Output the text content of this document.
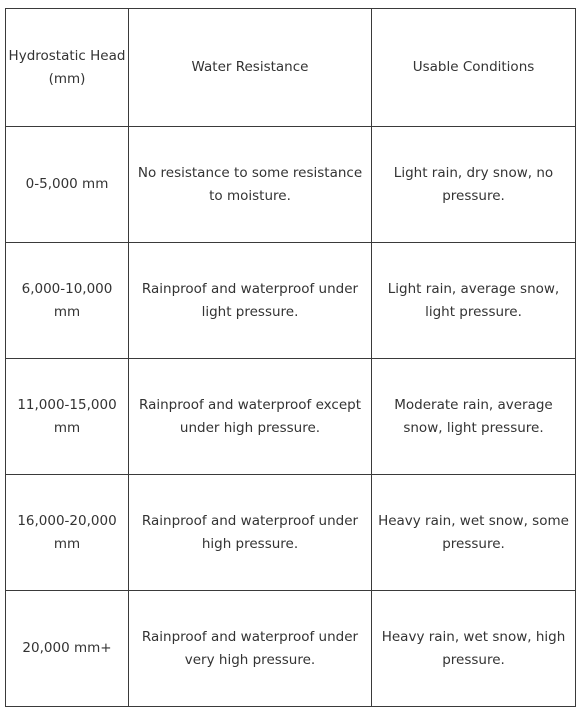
Hydrostatic Head (mm)	Water Resistance	Usable Conditions
0-5,000 mm	No resistance to some resistance to moisture.	Light rain, dry snow, no pressure.
6,000-10,000 mm	Rainproof and waterproof under light pressure.	Light rain, average snow, light pressure.
11,000-15,000 mm	Rainproof and waterproof except under high pressure.	Moderate rain, average snow, light pressure.
16,000-20,000 mm	Rainproof and waterproof under high pressure.	Heavy rain, wet snow, some pressure.
20,000 mm+	Rainproof and waterproof under very high pressure.	Heavy rain, wet snow, high pressure.
